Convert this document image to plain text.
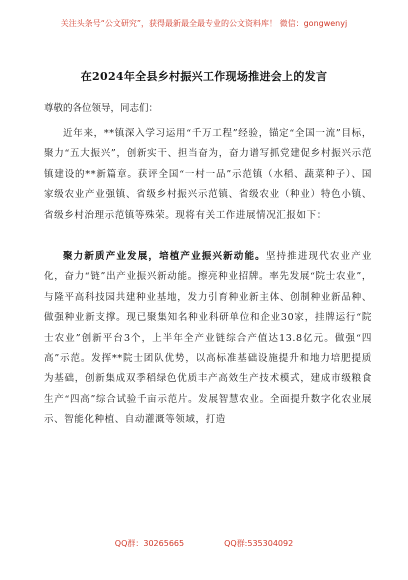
关注头条号“公文研究”，获得最新最全最专业的公文资料库！ 微信：gongwenyj
在2024年全县乡村振兴工作现场推进会上的发言
尊敬的各位领导，同志们：

近年来，**镇深入学习运用“千万工程”经验，锚定“全国一流”目标，聚力“五大振兴”，创新实干、担当奋为，奋力谱写抓党建促乡村振兴示范镇建设的**新篇章。获评全国“一村一品”示范镇（水稻、蔬菜种子）、国家级农业产业强镇、省级乡村振兴示范镇、省级农业（种业）特色小镇、省级乡村治理示范镇等殊荣。现将有关工作进展情况汇报如下：

聚力新质产业发展，培植产业振兴新动能。坚持推进现代农业产业化，奋力“链”出产业振兴新动能。擦亮种业招牌。率先发展“院士农业”，与隆平高科技园共建种业基地，发力引育种业新主体、创制种业新品种、做强种业新支撑。现已聚集知名种业科研单位和企业30家，挂牌运行“院士农业”创新平台3个，上半年全产业链综合产值达13.8亿元。做强“四高”示范。发挥**院士团队优势，以高标准基础设施提升和地力培肥提质为基础，创新集成双季稻绿色优质丰产高效生产技术模式，建成市级粮食生产“四高”综合试验千亩示范片。发展智慧农业。全面提升数字化农业展示、智能化种植、自动灌溉等领域，打造

QQ群：30265665	QQ群:535304092
